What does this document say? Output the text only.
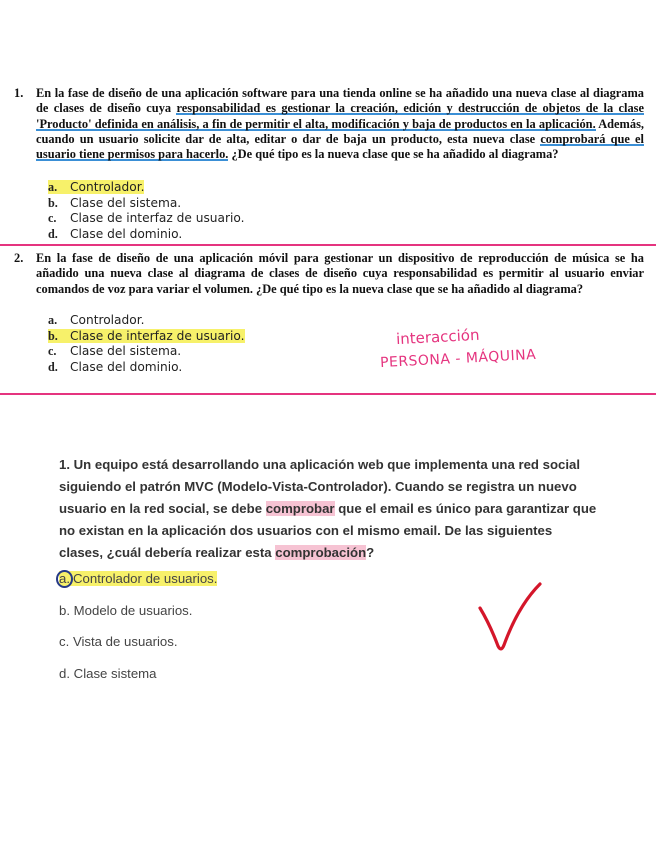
1. En la fase de diseño de una aplicación software para una tienda online se ha añadido una nueva clase al diagrama de clases de diseño cuya responsabilidad es gestionar la creación, edición y destrucción de objetos de la clase 'Producto' definida en análisis, a fin de permitir el alta, modificación y baja de productos en la aplicación. Además, cuando un usuario solicite dar de alta, editar o dar de baja un producto, esta nueva clase comprobará que el usuario tiene permisos para hacerlo. ¿De qué tipo es la nueva clase que se ha añadido al diagrama?
a. Controlador.
b. Clase del sistema.
c. Clase de interfaz de usuario.
d. Clase del dominio.
2. En la fase de diseño de una aplicación móvil para gestionar un dispositivo de reproducción de música se ha añadido una nueva clase al diagrama de clases de diseño cuya responsabilidad es permitir al usuario enviar comandos de voz para variar el volumen. ¿De qué tipo es la nueva clase que se ha añadido al diagrama?
a. Controlador.
b. Clase de interfaz de usuario.
c. Clase del sistema.
d. Clase del dominio.
interacción
PERSONA - MÁQUINA
1. Un equipo está desarrollando una aplicación web que implementa una red social siguiendo el patrón MVC (Modelo-Vista-Controlador). Cuando se registra un nuevo usuario en la red social, se debe comprobar que el email es único para garantizar que no existan en la aplicación dos usuarios con el mismo email. De las siguientes clases, ¿cuál debería realizar esta comprobación?
a. Controlador de usuarios.
b. Modelo de usuarios.
c. Vista de usuarios.
d. Clase sistema
